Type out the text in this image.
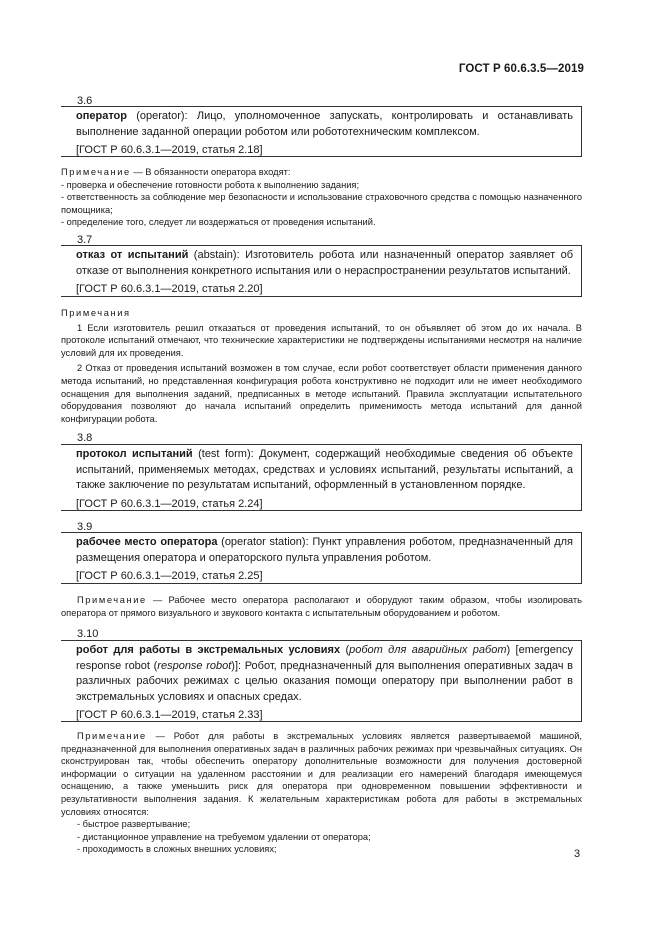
ГОСТ Р 60.6.3.5—2019
3.6
оператор (operator): Лицо, уполномоченное запускать, контролировать и останавливать выполнение заданной операции роботом или робототехническим комплексом.
[ГОСТ Р 60.6.3.1—2019, статья 2.18]

Примечание — В обязанности оператора входят:

- проверка и обеспечение готовности робота к выполнению задания;

- ответственность за соблюдение мер безопасности и использование страховочного средства с помощью назначенного помощника;

- определение того, следует ли воздержаться от проведения испытаний.

3.7
отказ от испытаний (abstain): Изготовитель робота или назначенный оператор заявляет об отказе от выполнения конкретного испытания или о нераспространении результатов испытаний.
[ГОСТ Р 60.6.3.1—2019, статья 2.20]

Примечания

1 Если изготовитель решил отказаться от проведения испытаний, то он объявляет об этом до их начала. В протоколе испытаний отмечают, что технические характеристики не подтверждены испытаниями несмотря на наличие условий для их проведения.

2 Отказ от проведения испытаний возможен в том случае, если робот соответствует области применения данного метода испытаний, но представленная конфигурация робота конструктивно не подходит или не имеет необходимого оснащения для выполнения заданий, предписанных в методе испытаний. Правила эксплуатации испытательного оборудования позволяют до начала испытаний определить применимость метода испытаний для данной конфигурации робота.

3.8
протокол испытаний (test form): Документ, содержащий необходимые сведения об объекте испытаний, применяемых методах, средствах и условиях испытаний, результаты испытаний, а также заключение по результатам испытаний, оформленный в установленном порядке.
[ГОСТ Р 60.6.3.1—2019, статья 2.24]
3.9
рабочее место оператора (operator station): Пункт управления роботом, предназначенный для размещения оператора и операторского пульта управления роботом.
[ГОСТ Р 60.6.3.1—2019, статья 2.25]

Примечание — Рабочее место оператора располагают и оборудуют таким образом, чтобы изолировать оператора от прямого визуального и звукового контакта с испытательным оборудованием и роботом.

3.10
робот для работы в экстремальных условиях (робот для аварийных работ) [emergency response robot (response robot)]: Робот, предназначенный для выполнения оперативных задач в различных рабочих режимах с целью оказания помощи оператору при выполнении работ в экстремальных условиях и опасных средах.
[ГОСТ Р 60.6.3.1—2019, статья 2.33]

Примечание — Робот для работы в экстремальных условиях является развертываемой машиной, предназначенной для выполнения оперативных задач в различных рабочих режимах при чрезвычайных ситуациях. Он сконструирован так, чтобы обеспечить оператору дополнительные возможности для получения достоверной информации о ситуации на удаленном расстоянии и для реализации его намерений благодаря имеющемуся оснащению, а также уменьшить риск для оператора при одновременном повышении эффективности и результативности выполнения задания. К желательным характеристикам робота для работы в экстремальных условиях относятся:

- быстрое развертывание;

- дистанционное управление на требуемом удалении от оператора;

- проходимость в сложных внешних условиях;	3
